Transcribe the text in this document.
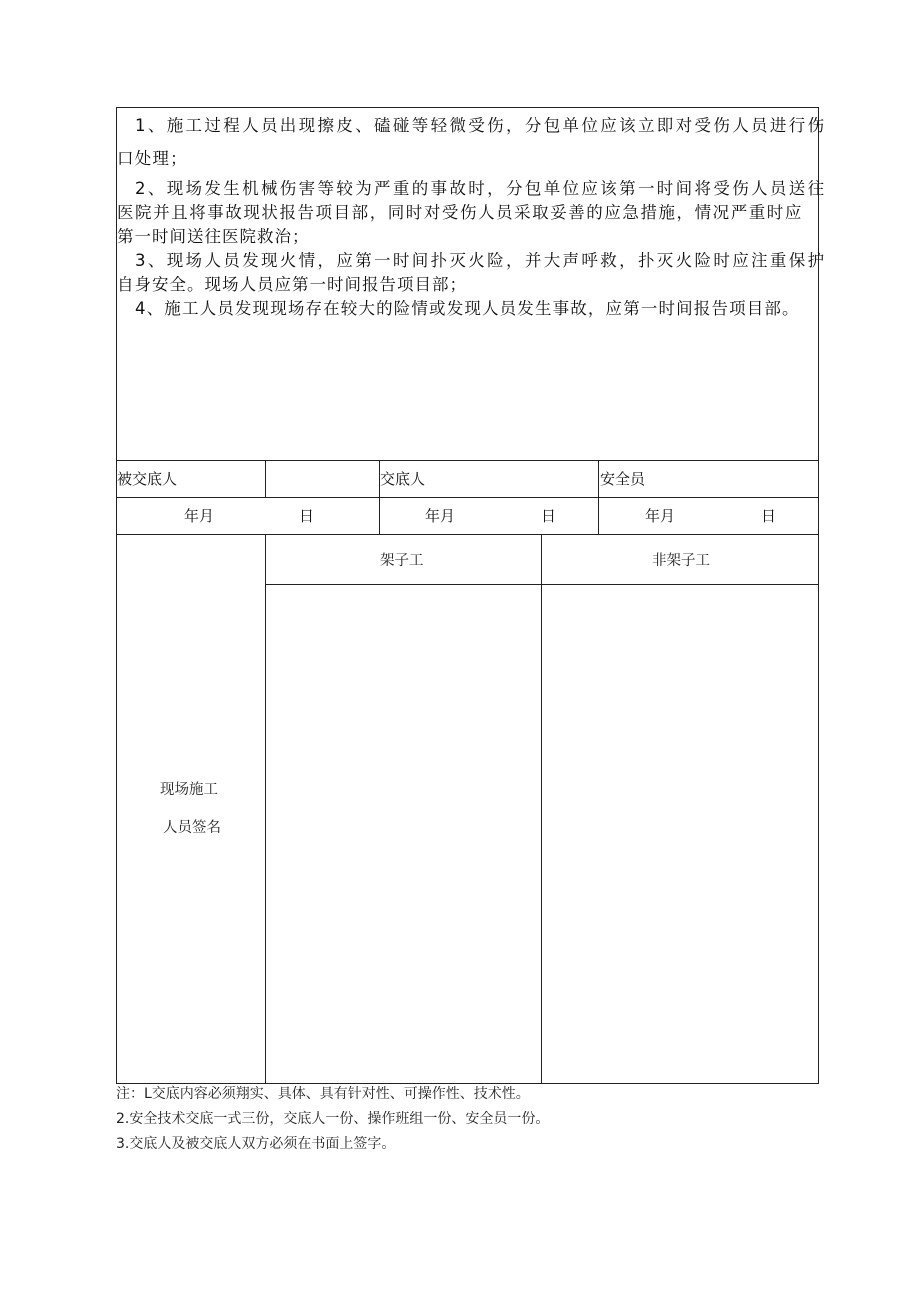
1、施工过程人员出现擦皮、磕碰等轻微受伤，分包单位应该立即对受伤人员进行伤
口处理；
2、现场发生机械伤害等较为严重的事故时，分包单位应该第一时间将受伤人员送往
医院并且将事故现状报告项目部，同时对受伤人员采取妥善的应急措施，情况严重时应
第一时间送往医院救治；
3、现场人员发现火情，应第一时间扑灭火险，并大声呼救，扑灭火险时应注重保护
自身安全。现场人员应第一时间报告项目部；
4、施工人员发现现场存在较大的险情或发现人员发生事故，应第一时间报告项目部。
被交底人	交底人	安全员
年月	日	年月	日	年月	日
架子工	非架子工
现场施工
人员签名
注：L交底内容必须翔实、具体、具有针对性、可操作性、技术性。
2.安全技术交底一式三份，交底人一份、操作班组一份、安全员一份。
3.交底人及被交底人双方必须在书面上签字。
